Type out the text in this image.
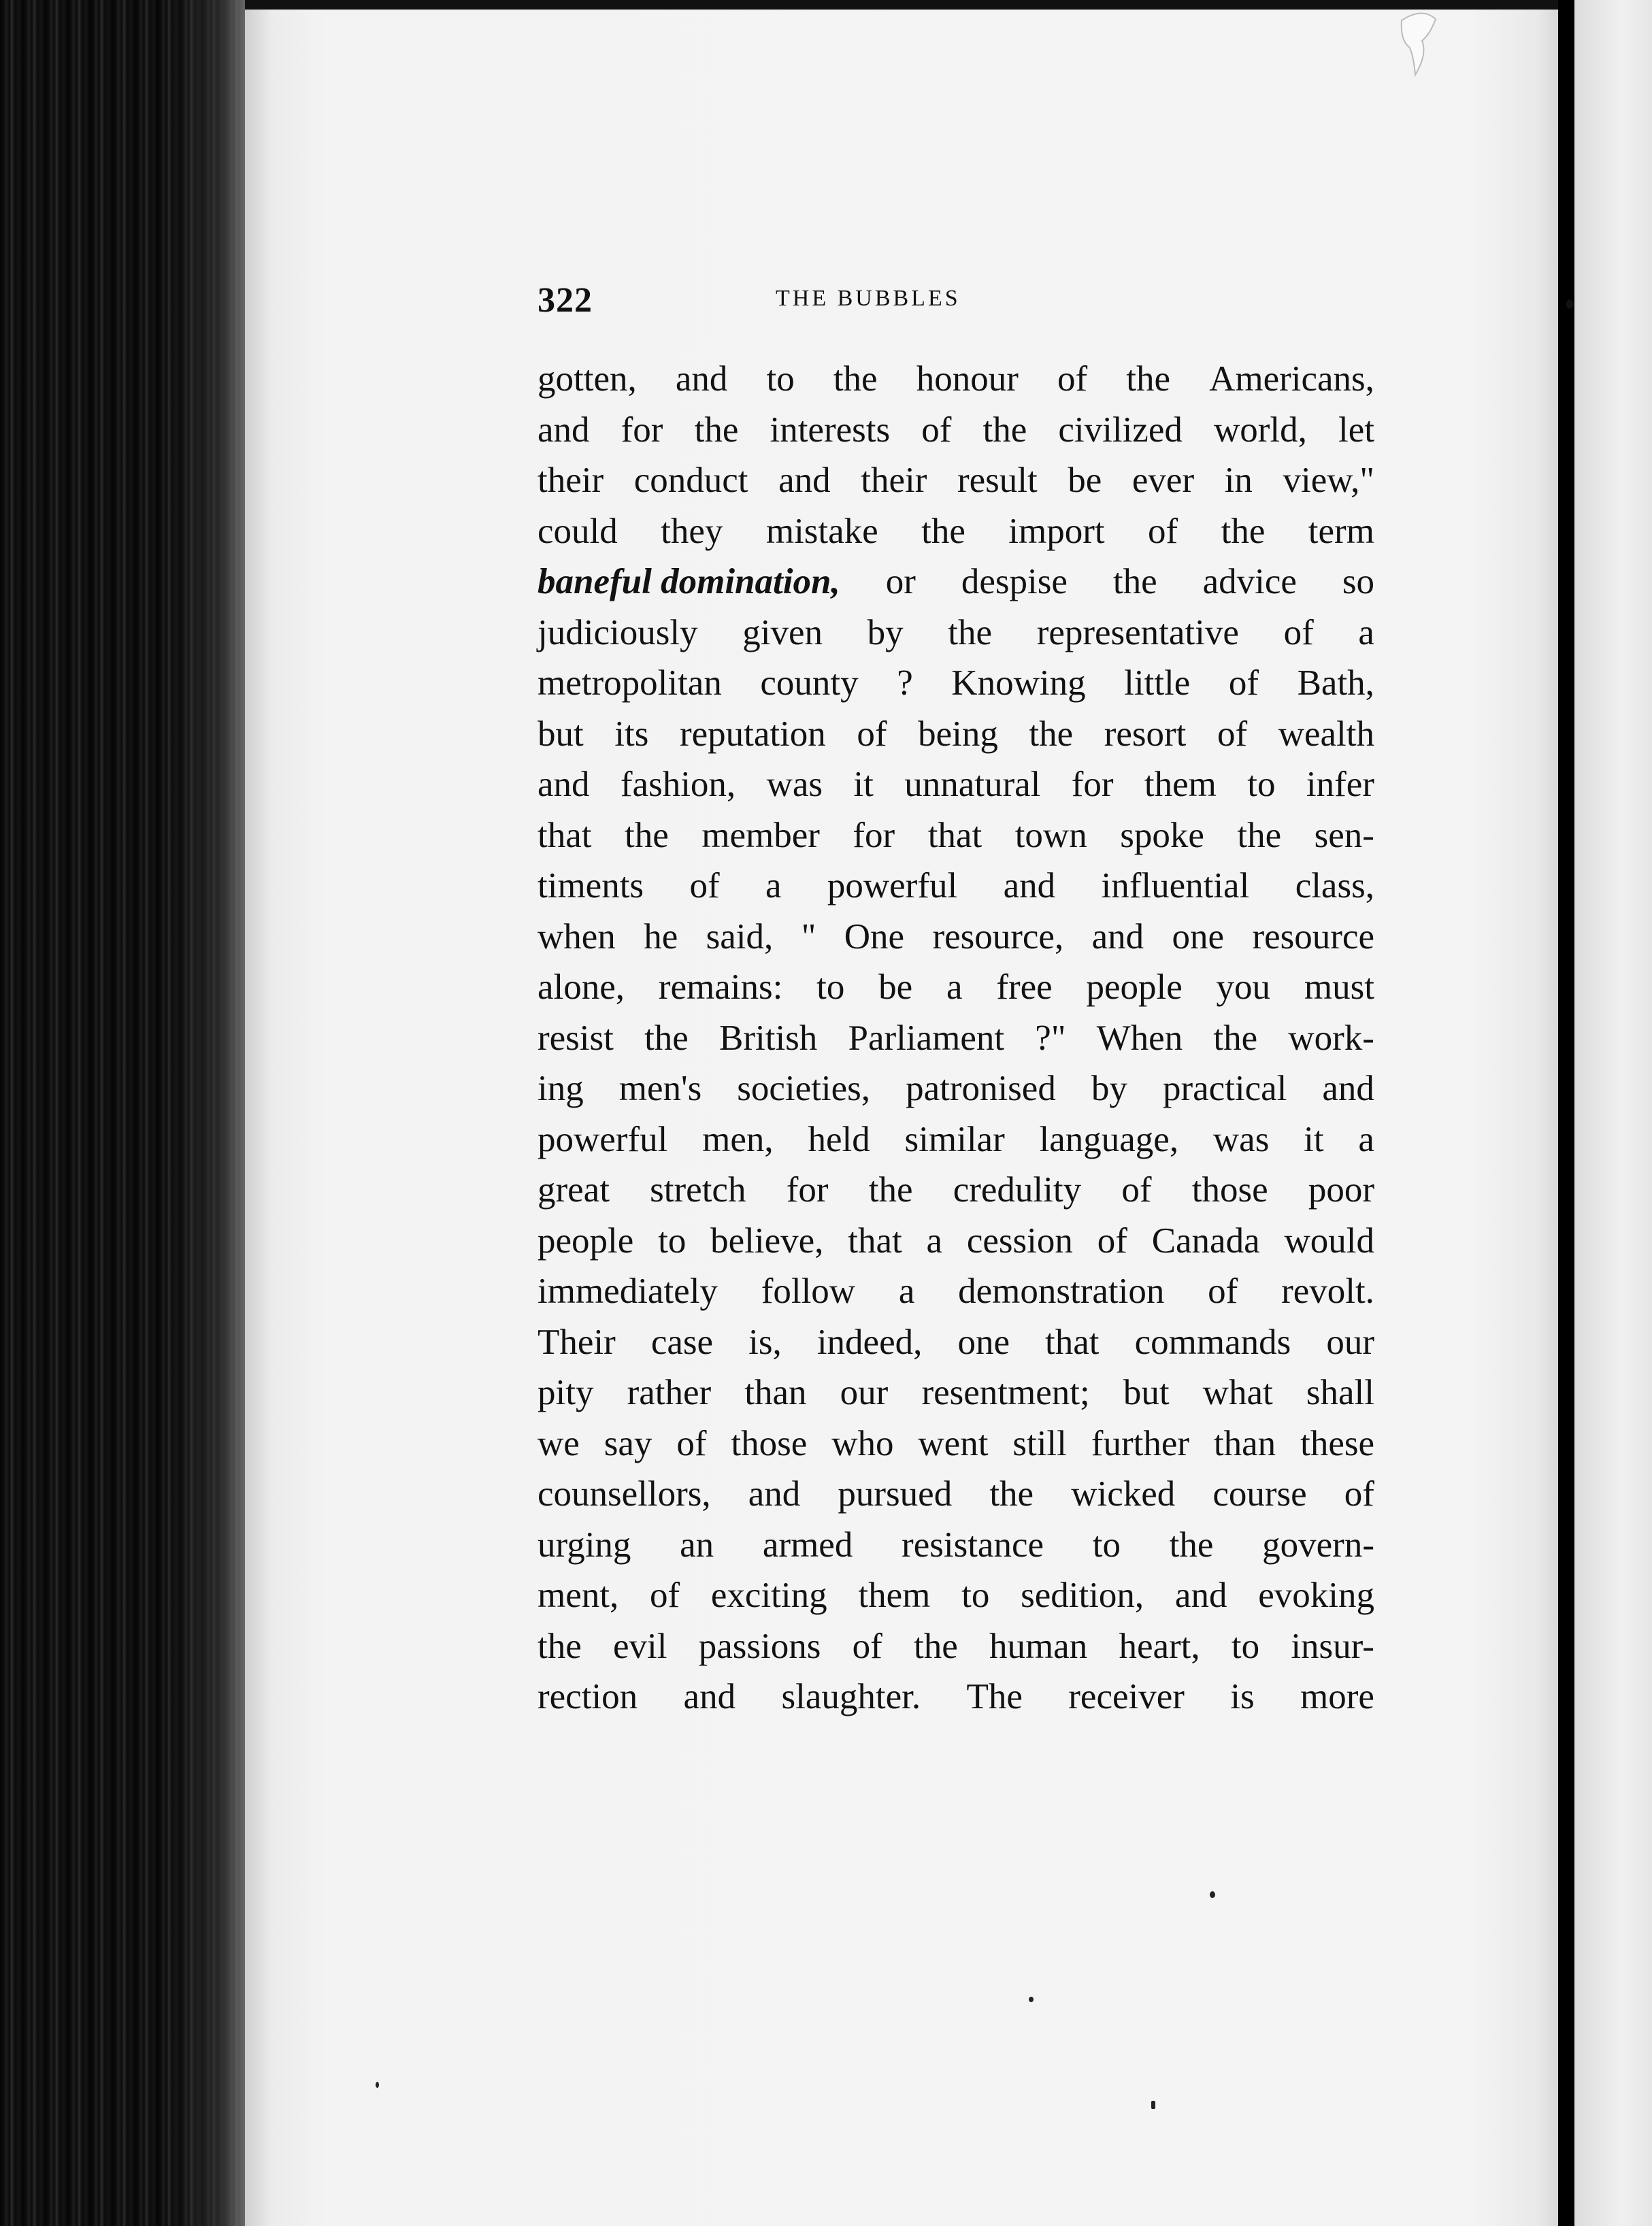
322	THE BUBBLES
gotten, and to the honour of the Americans,
and for the interests of the civilized world, let
their conduct and their result be ever in view,"
could they mistake the import of the term
baneful domination, or despise the advice so
judiciously given by the representative of a
metropolitan county ? Knowing little of Bath,
but its reputation of being the resort of wealth
and fashion, was it unnatural for them to infer
that the member for that town spoke the sen-
timents of a powerful and influential class,
when he said, " One resource, and one resource
alone, remains: to be a free people you must
resist the British Parliament ?" When the work-
ing men's societies, patronised by practical and
powerful men, held similar language, was it a
great stretch for the credulity of those poor
people to believe, that a cession of Canada would
immediately follow a demonstration of revolt.
Their case is, indeed, one that commands our
pity rather than our resentment; but what shall
we say of those who went still further than these
counsellors, and pursued the wicked course of
urging an armed resistance to the govern-
ment, of exciting them to sedition, and evoking
the evil passions of the human heart, to insur-
rection and slaughter. The receiver is more
